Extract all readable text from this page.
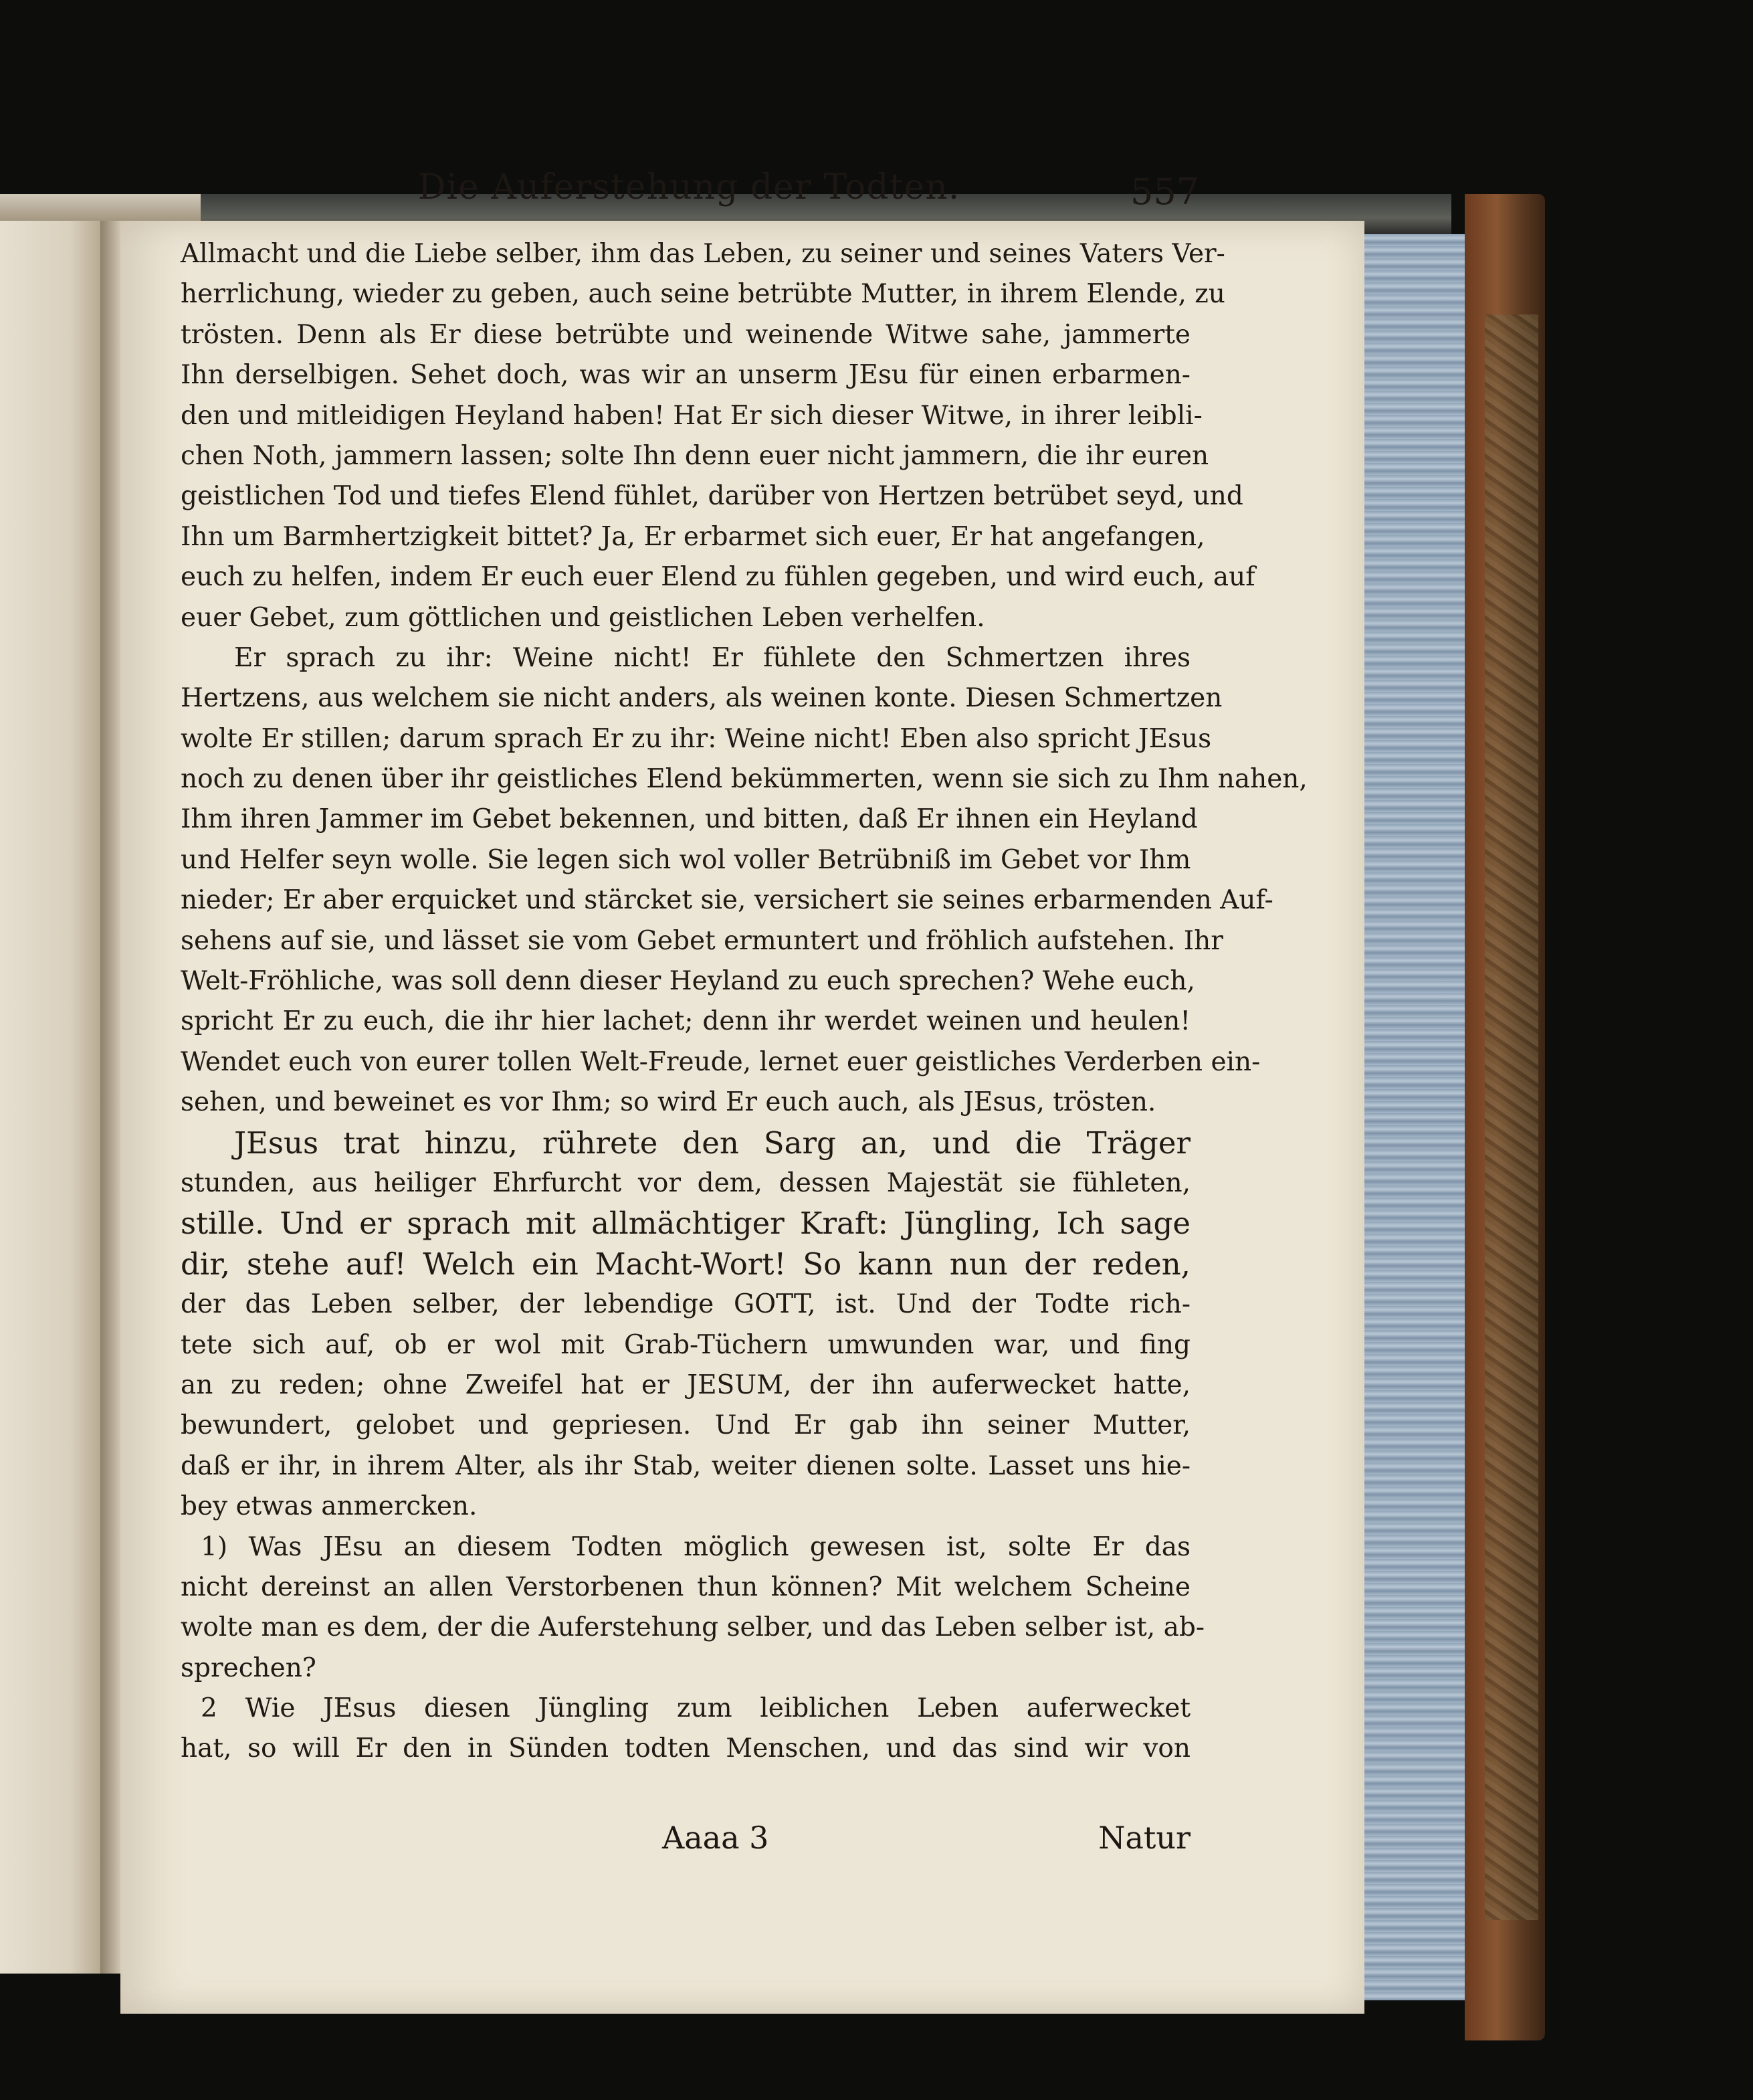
Die Auferstehung der Todten.	557
Allmacht und die Liebe selber, ihm das Leben, zu seiner und seines Vaters Ver-
herrlichung, wieder zu geben, auch seine betrübte Mutter, in ihrem Elende, zu
trösten. Denn als Er diese betrübte und weinende Witwe sahe, jammerte
Ihn derselbigen. Sehet doch, was wir an unserm JEsu für einen erbarmen-
den und mitleidigen Heyland haben! Hat Er sich dieser Witwe, in ihrer leibli-
chen Noth, jammern lassen; solte Ihn denn euer nicht jammern, die ihr euren
geistlichen Tod und tiefes Elend fühlet, darüber von Hertzen betrübet seyd, und
Ihn um Barmhertzigkeit bittet? Ja, Er erbarmet sich euer, Er hat angefangen,
euch zu helfen, indem Er euch euer Elend zu fühlen gegeben, und wird euch, auf
euer Gebet, zum göttlichen und geistlichen Leben verhelfen.
Er sprach zu ihr: Weine nicht! Er fühlete den Schmertzen ihres
Hertzens, aus welchem sie nicht anders, als weinen konte. Diesen Schmertzen
wolte Er stillen; darum sprach Er zu ihr: Weine nicht! Eben also spricht JEsus
noch zu denen über ihr geistliches Elend bekümmerten, wenn sie sich zu Ihm nahen,
Ihm ihren Jammer im Gebet bekennen, und bitten, daß Er ihnen ein Heyland
und Helfer seyn wolle. Sie legen sich wol voller Betrübniß im Gebet vor Ihm
nieder; Er aber erquicket und stärcket sie, versichert sie seines erbarmenden Auf-
sehens auf sie, und lässet sie vom Gebet ermuntert und fröhlich aufstehen. Ihr
Welt-Fröhliche, was soll denn dieser Heyland zu euch sprechen? Wehe euch,
spricht Er zu euch, die ihr hier lachet; denn ihr werdet weinen und heulen!
Wendet euch von eurer tollen Welt-Freude, lernet euer geistliches Verderben ein-
sehen, und beweinet es vor Ihm; so wird Er euch auch, als JEsus, trösten.
JEsus trat hinzu, rührete den Sarg an, und die Träger
stunden, aus heiliger Ehrfurcht vor dem, dessen Majestät sie fühleten,
stille. Und er sprach mit allmächtiger Kraft: Jüngling, Ich sage
dir, stehe auf! Welch ein Macht-Wort! So kann nun der reden,
der das Leben selber, der lebendige GOTT, ist. Und der Todte rich-
tete sich auf, ob er wol mit Grab-Tüchern umwunden war, und fing
an zu reden; ohne Zweifel hat er JESUM, der ihn auferwecket hatte,
bewundert, gelobet und gepriesen. Und Er gab ihn seiner Mutter,
daß er ihr, in ihrem Alter, als ihr Stab, weiter dienen solte. Lasset uns hie-
bey etwas anmercken.
1) Was JEsu an diesem Todten möglich gewesen ist, solte Er das
nicht dereinst an allen Verstorbenen thun können? Mit welchem Scheine
wolte man es dem, der die Auferstehung selber, und das Leben selber ist, ab-
sprechen?
2 Wie JEsus diesen Jüngling zum leiblichen Leben auferwecket
hat, so will Er den in Sünden todten Menschen, und das sind wir von
Aaaa 3	Natur
